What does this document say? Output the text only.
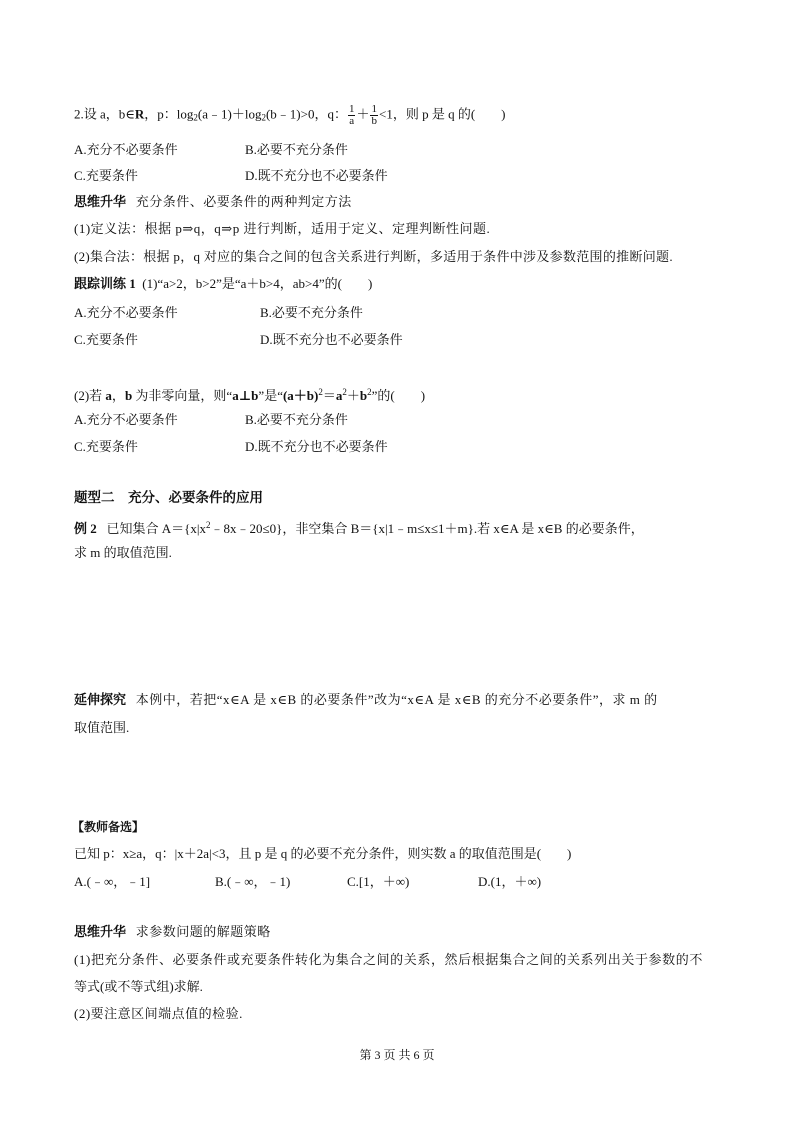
2.设 a，b∈R，p：$\log_2(a﹣1)+\log_2(b﹣1)>0$，q： $\frac{1}{a} + \frac{1}{b} <1$，则 p 是 q 的(　　)
A.充分不必要条件	B.必要不充分条件
C.充要条件	D.既不充分也不必要条件
思维升华 充分条件、必要条件的两种判定方法
(1)定义法：根据 p⇒q，q⇒p 进行判断，适用于定义、定理判断性问题.
(2)集合法：根据 p，q 对应的集合之间的包含关系进行判断，多适用于条件中涉及参数范围的推断问题.
跟踪训练 1 (1)“a>2，b>2”是“a＋b>4，ab>4”的(　　)
A.充分不必要条件	B.必要不充分条件
C.充要条件	D.既不充分也不必要条件
(2)若 a，b 为非零向量，则“a⊥b”是“$(a+b)^2=a^2+b^2$”的(　　)
A.充分不必要条件	B.必要不充分条件
C.充要条件	D.既不充分也不必要条件
题型二　充分、必要条件的应用
例 2 已知集合 $A=\{x|x^2﹣8x﹣20\le 0\}$，非空集合 B＝{x|1﹣m≤x≤1＋m}.若 x∈A 是 x∈B 的必要条件，
求 m 的取值范围.
延伸探究 本例中，若把“x∈A 是 x∈B 的必要条件”改为“x∈A 是 x∈B 的充分不必要条件”，求 m 的
取值范围.
【教师备选】
已知 p：x≥a，q：|x＋2a|<3，且 p 是 q 的必要不充分条件，则实数 a 的取值范围是(　　)
A.(﹣∞，﹣1]	B.(﹣∞，﹣1)	C.[1，＋∞)	D.(1，＋∞)
思维升华 求参数问题的解题策略
(1)把充分条件、必要条件或充要条件转化为集合之间的关系，然后根据集合之间的关系列出关于参数的不
等式(或不等式组)求解.
(2)要注意区间端点值的检验.
第 3 页 共 6 页
